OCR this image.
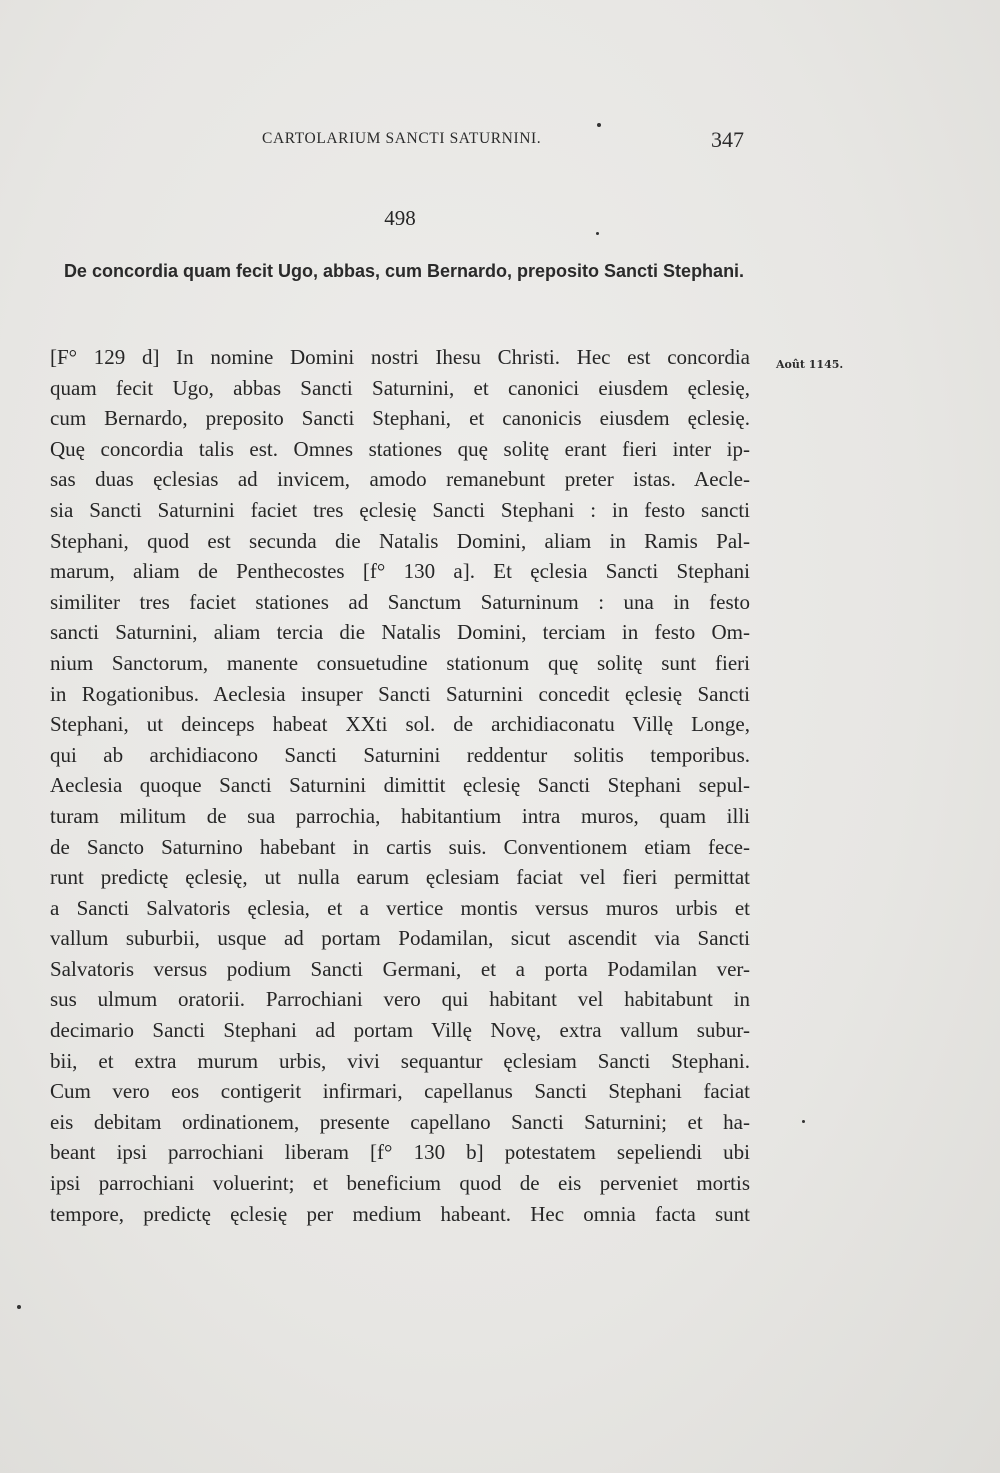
CARTOLARIUM SANCTI SATURNINI.	347
498
De concordia quam fecit Ugo, abbas, cum Bernardo, preposito Sancti Stephani.
Août 1145.
[F° 129 d] In nomine Domini nostri Ihesu Christi. Hec est concordia
quam fecit Ugo, abbas Sancti Saturnini, et canonici eiusdem ęclesię,
cum Bernardo, preposito Sancti Stephani, et canonicis eiusdem ęclesię.
Quę concordia talis est. Omnes stationes quę solitę erant fieri inter ip-
sas duas ęclesias ad invicem, amodo remanebunt preter istas. Aecle-
sia Sancti Saturnini faciet tres ęclesię Sancti Stephani : in festo sancti
Stephani, quod est secunda die Natalis Domini, aliam in Ramis Pal-
marum, aliam de Penthecostes [f° 130 a]. Et ęclesia Sancti Stephani
similiter tres faciet stationes ad Sanctum Saturninum : una in festo
sancti Saturnini, aliam tercia die Natalis Domini, terciam in festo Om-
nium Sanctorum, manente consuetudine stationum quę solitę sunt fieri
in Rogationibus. Aeclesia insuper Sancti Saturnini concedit ęclesię Sancti
Stephani, ut deinceps habeat XXti sol. de archidiaconatu Villę Longe,
qui ab archidiacono Sancti Saturnini reddentur solitis temporibus.
Aeclesia quoque Sancti Saturnini dimittit ęclesię Sancti Stephani sepul-
turam militum de sua parrochia, habitantium intra muros, quam illi
de Sancto Saturnino habebant in cartis suis. Conventionem etiam fece-
runt predictę ęclesię, ut nulla earum ęclesiam faciat vel fieri permittat
a Sancti Salvatoris ęclesia, et a vertice montis versus muros urbis et
vallum suburbii, usque ad portam Podamilan, sicut ascendit via Sancti
Salvatoris versus podium Sancti Germani, et a porta Podamilan ver-
sus ulmum oratorii. Parrochiani vero qui habitant vel habitabunt in
decimario Sancti Stephani ad portam Villę Novę, extra vallum subur-
bii, et extra murum urbis, vivi sequantur ęclesiam Sancti Stephani.
Cum vero eos contigerit infirmari, capellanus Sancti Stephani faciat
eis debitam ordinationem, presente capellano Sancti Saturnini; et ha-
beant ipsi parrochiani liberam [f° 130 b] potestatem sepeliendi ubi
ipsi parrochiani voluerint; et beneficium quod de eis perveniet mortis
tempore, predictę ęclesię per medium habeant. Hec omnia facta sunt
